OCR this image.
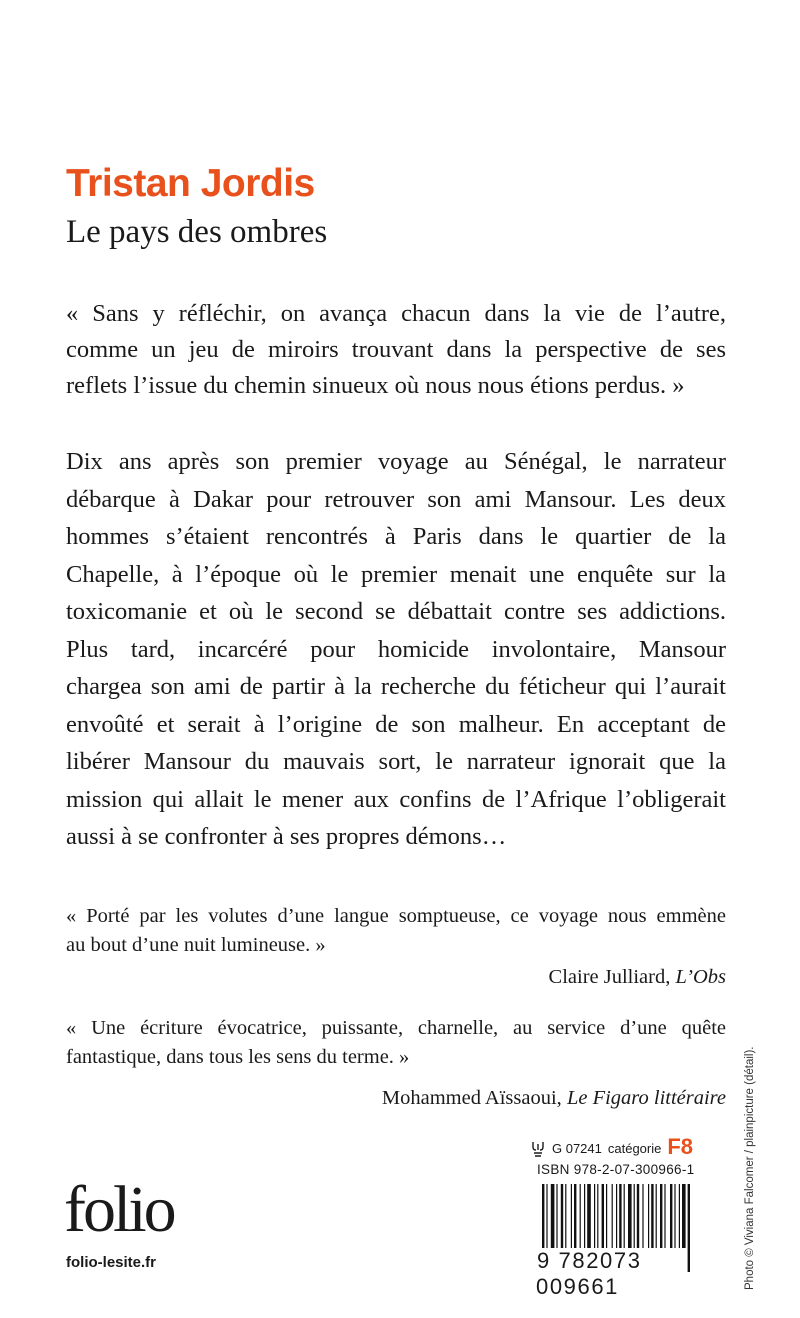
Tristan Jordis
Le pays des ombres
« Sans y réfléchir, on avança chacun dans la vie de l’autre,
comme un jeu de miroirs trouvant dans la perspective de ses
reflets l’issue du chemin sinueux où nous nous étions perdus. »
Dix ans après son premier voyage au Sénégal, le narrateur
débarque à Dakar pour retrouver son ami Mansour. Les deux
hommes s’étaient rencontrés à Paris dans le quartier de la
Chapelle, à l’époque où le premier menait une enquête sur la
toxicomanie et où le second se débattait contre ses addictions.
Plus tard, incarcéré pour homicide involontaire, Mansour
chargea son ami de partir à la recherche du féticheur qui l’aurait
envoûté et serait à l’origine de son malheur. En acceptant de
libérer Mansour du mauvais sort, le narrateur ignorait que la
mission qui allait le mener aux confins de l’Afrique l’obligerait
aussi à se confronter à ses propres démons…
« Porté par les volutes d’une langue somptueuse, ce voyage nous emmène
au bout d’une nuit lumineuse. »
Claire Julliard, L’Obs
« Une écriture évocatrice, puissante, charnelle, au service d’une quête
fantastique, dans tous les sens du terme. »
Mohammed Aïssaoui, Le Figaro littéraire
folio
folio-lesite.fr
G 07241 catégorie F8
ISBN 978-2-07-300966-1
9 782073 009661	Photo © Viviana Falcomer / plainpicture (détail).
